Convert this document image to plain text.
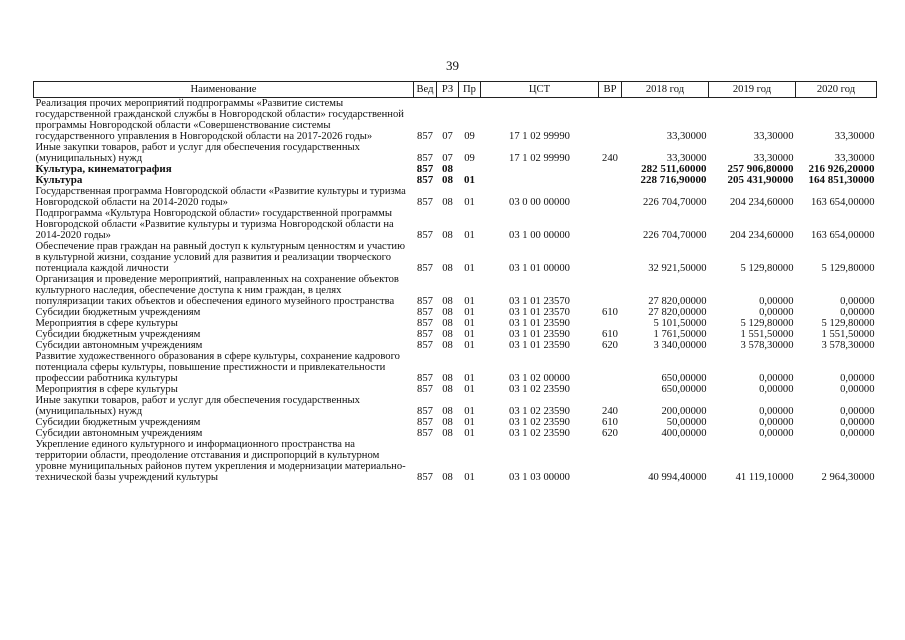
39
Наименование	Вед	РЗ	Пр	ЦСТ	ВР	2018 год	2019 год	2020 год
Реализация прочих мероприятий подпрограммы «Развитие системы государственной гражданской службы в Новгородской области» государственной программы Новгородской области «Совершенствование системы государственного управления в Новгородской области на 2017-2026 годы»	857	07	09	17 1 02 99990		33,30000	33,30000	33,30000
Иные закупки товаров, работ и услуг для обеспечения государственных (муниципальных) нужд	857	07	09	17 1 02 99990	240	33,30000	33,30000	33,30000
Культура, кинематография	857	08				282 511,60000	257 906,80000	216 926,20000
Культура	857	08	01			228 716,90000	205 431,90000	164 851,30000
Государственная программа Новгородской области «Развитие культуры и туризма Новгородской области на 2014-2020 годы»	857	08	01	03 0 00 00000		226 704,70000	204 234,60000	163 654,00000
Подпрограмма «Культура Новгородской области» государственной программы Новгородской области «Развитие культуры и туризма Новгородской области на 2014-2020 годы»	857	08	01	03 1 00 00000		226 704,70000	204 234,60000	163 654,00000
Обеспечение прав граждан на равный доступ к культурным ценностям и участию в культурной жизни, создание условий для развития и реализации творческого потенциала каждой личности	857	08	01	03 1 01 00000		32 921,50000	5 129,80000	5 129,80000
Организация и проведение мероприятий, направленных на сохранение объектов культурного наследия, обеспечение доступа к ним граждан, в целях популяризации таких объектов и обеспечения единого музейного пространства	857	08	01	03 1 01 23570		27 820,00000	0,00000	0,00000
Субсидии бюджетным учреждениям	857	08	01	03 1 01 23570	610	27 820,00000	0,00000	0,00000
Мероприятия в сфере культуры	857	08	01	03 1 01 23590		5 101,50000	5 129,80000	5 129,80000
Субсидии бюджетным учреждениям	857	08	01	03 1 01 23590	610	1 761,50000	1 551,50000	1 551,50000
Субсидии автономным учреждениям	857	08	01	03 1 01 23590	620	3 340,00000	3 578,30000	3 578,30000
Развитие художественного образования в сфере культуры, сохранение кадрового потенциала сферы культуры, повышение престижности и привлекательности профессии работника культуры	857	08	01	03 1 02 00000		650,00000	0,00000	0,00000
Мероприятия в сфере культуры	857	08	01	03 1 02 23590		650,00000	0,00000	0,00000
Иные закупки товаров, работ и услуг для обеспечения государственных (муниципальных) нужд	857	08	01	03 1 02 23590	240	200,00000	0,00000	0,00000
Субсидии бюджетным учреждениям	857	08	01	03 1 02 23590	610	50,00000	0,00000	0,00000
Субсидии автономным учреждениям	857	08	01	03 1 02 23590	620	400,00000	0,00000	0,00000
Укрепление единого культурного и информационного пространства на территории области, преодоление отставания и диспропорций в культурном уровне муниципальных районов путем укрепления и модернизации материально-технической базы учреждений культуры	857	08	01	03 1 03 00000		40 994,40000	41 119,10000	2 964,30000
